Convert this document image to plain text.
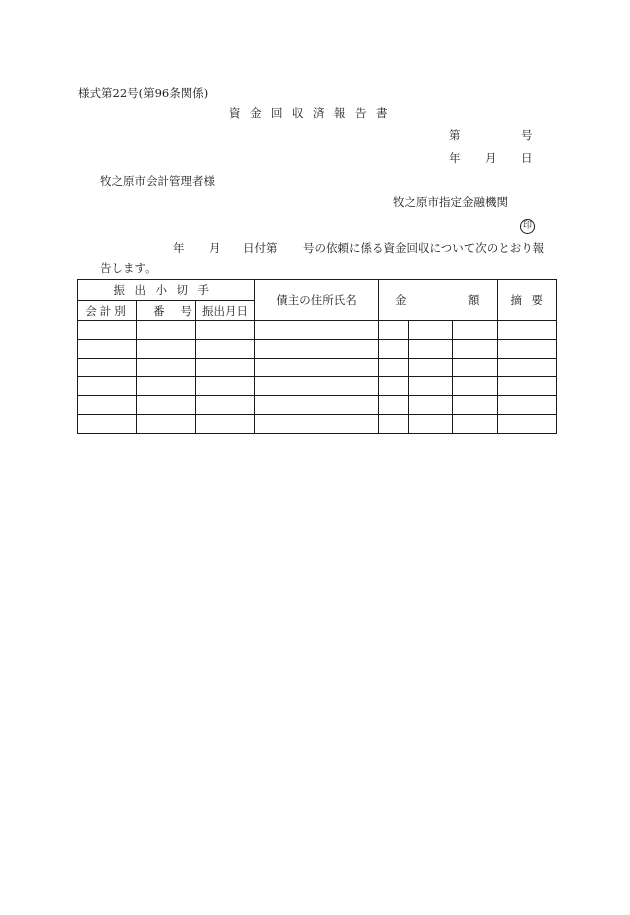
様式第22号(第96条関係)
資金回収済報告書
第	号
年 月 日
牧之原市会計管理者様
牧之原市指定金融機関
印
年 月 日付第 号の依頼に係る資金回収について次のとおり報
告します。
振出小切手			債主の住所氏名	金 額			摘要
会計別	番号	振出月日					
